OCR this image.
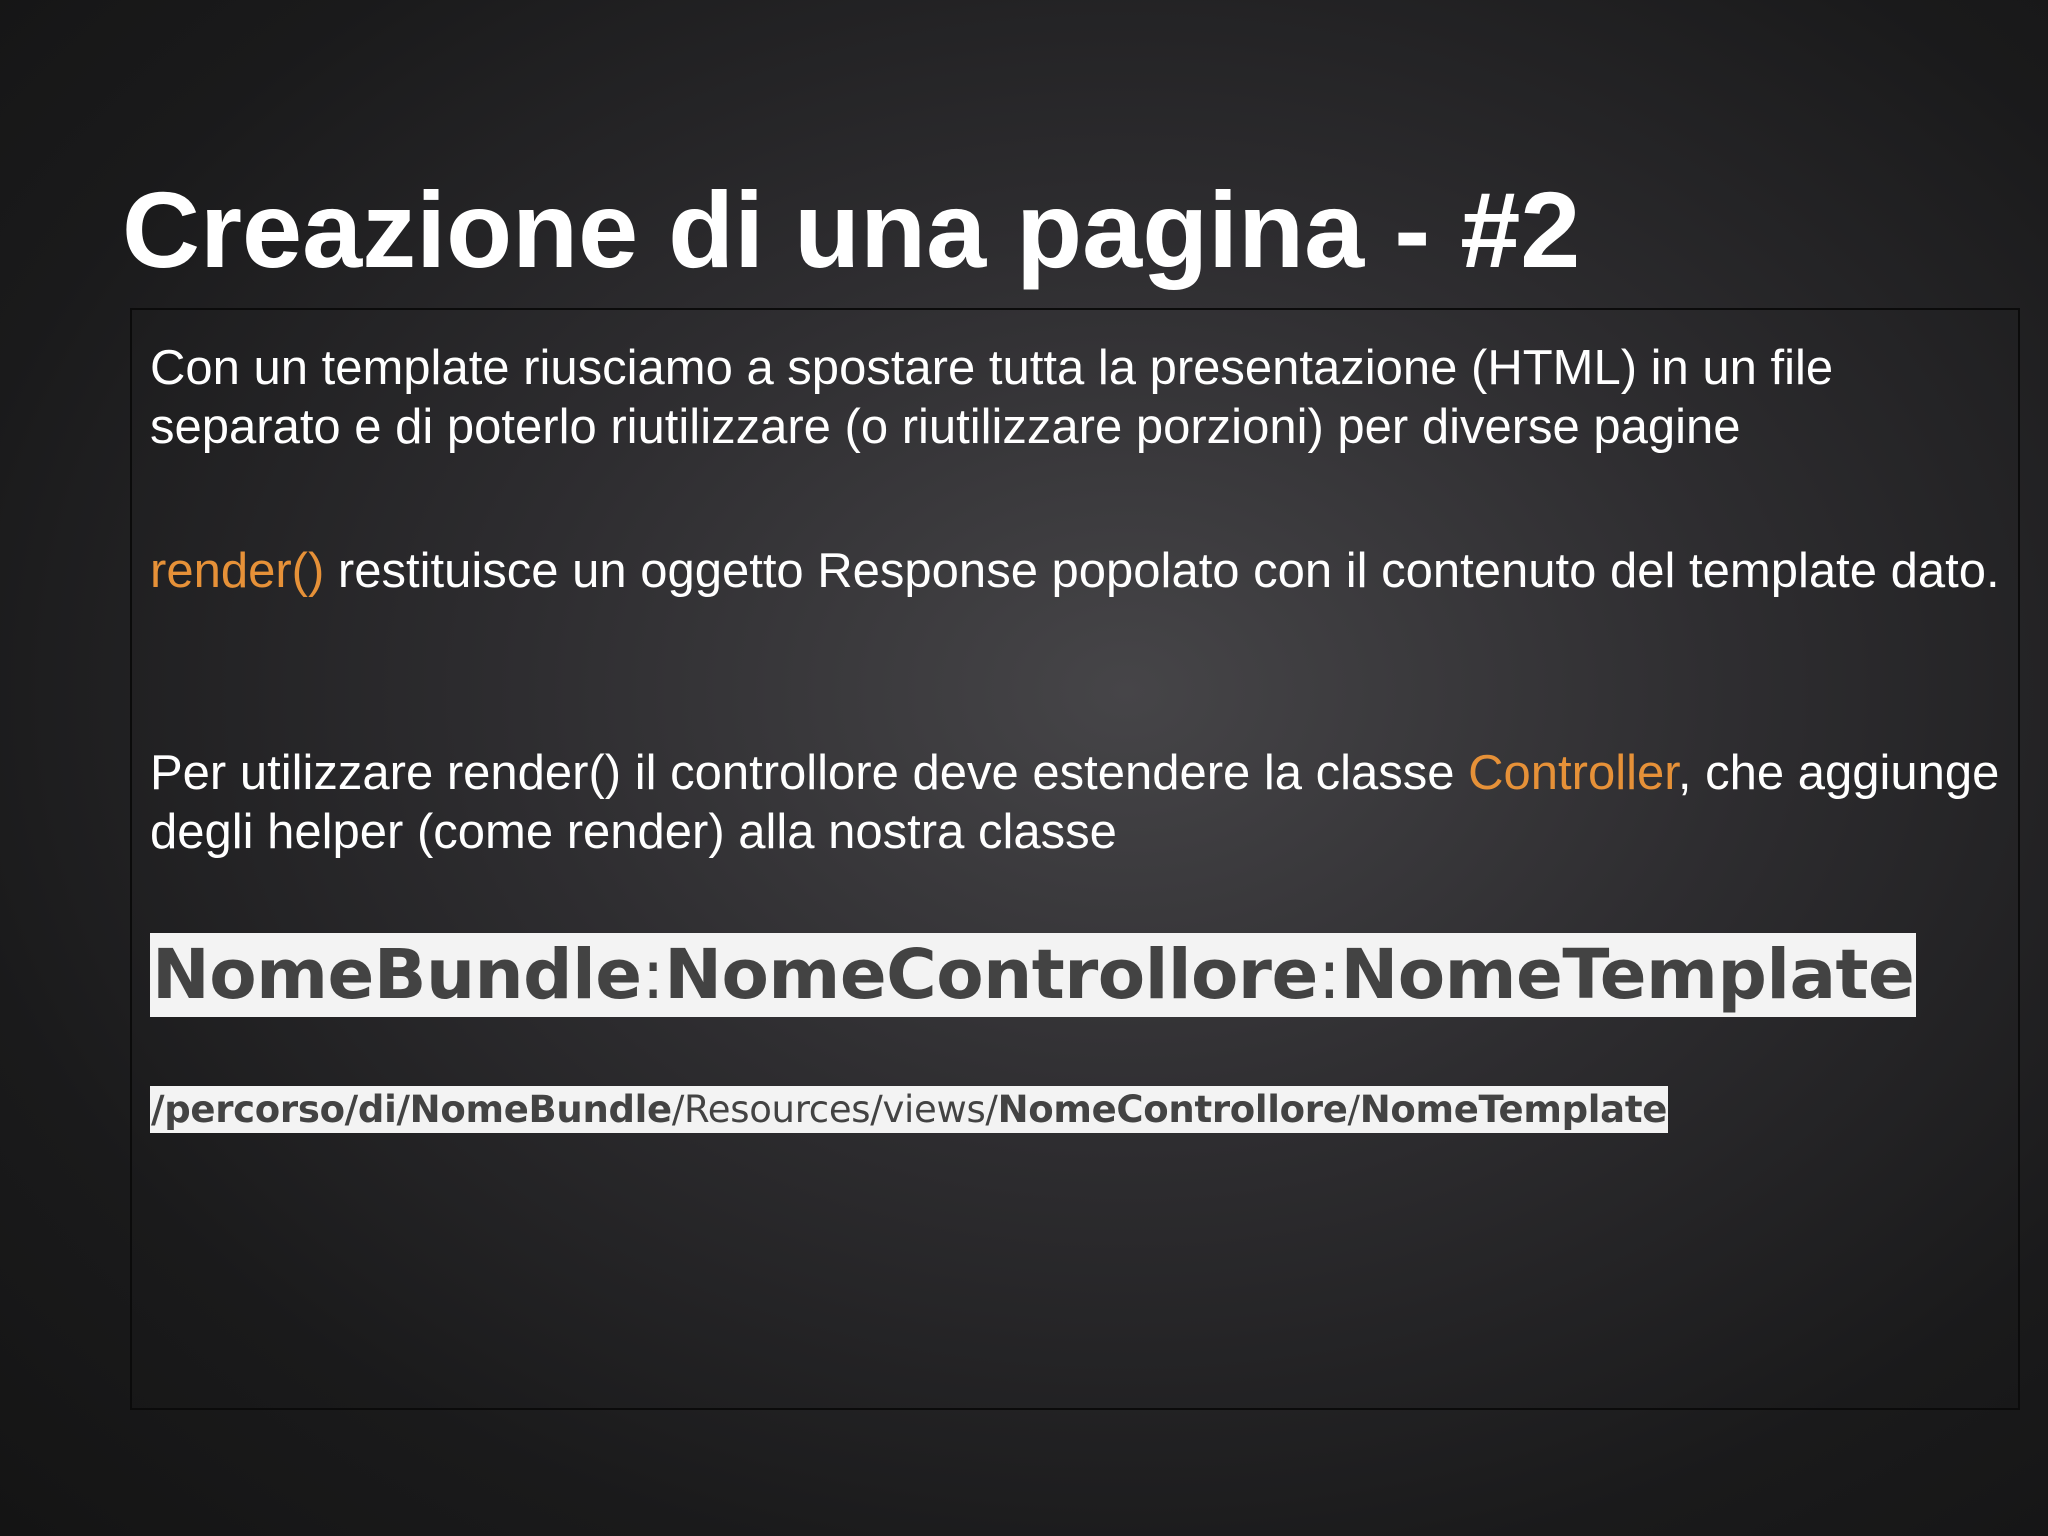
Creazione di una pagina - #2

Con un template riusciamo a spostare tutta la presentazione (HTML) in un file separato e di poterlo riutilizzare (o riutilizzare porzioni) per diverse pagine

render() restituisce un oggetto Response popolato con il contenuto del template dato.

Per utilizzare render() il controllore deve estendere la classe Controller, che aggiunge degli helper (come render) alla nostra classe

NomeBundle:NomeControllore:NomeTemplate
/percorso/di/NomeBundle/Resources/views/NomeControllore/NomeTemplate
